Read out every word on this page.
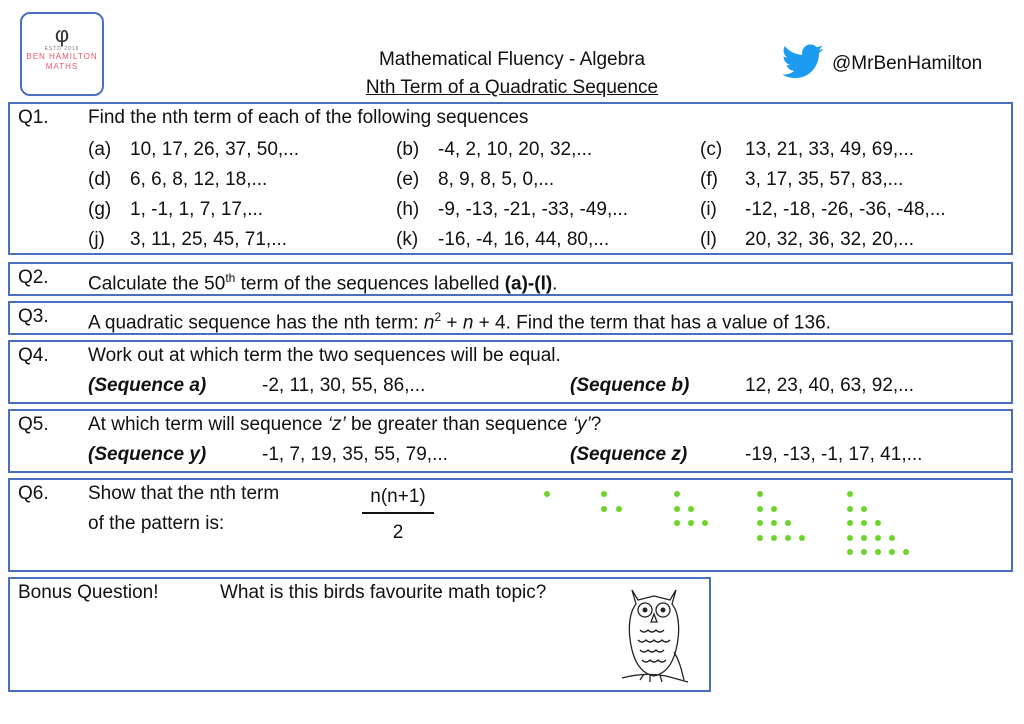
φ
ESTD 2016
BEN HAMILTON
MATHS	Mathematical Fluency - Algebra
Nth Term of a Quadratic Sequence
@MrBenHamilton
Q1. Find the nth term of each of the following sequences
(a) 10, 17, 26, 37, 50,...	(b) -4, 2, 10, 20, 32,...	(c) 13, 21, 33, 49, 69,...
(d) 6, 6, 8, 12, 18,...	(e) 8, 9, 8, 5, 0,...	(f) 3, 17, 35, 57, 83,...
(g) 1, -1, 1, 7, 17,...	(h) -9, -13, -21, -33, -49,...	(i) -12, -18, -26, -36, -48,...
(j) 3, 11, 25, 45, 71,...	(k) -16, -4, 16, 44, 80,...	(l) 20, 32, 36, 32, 20,...
Q2. Calculate the 50th term of the sequences labelled (a)-(l).
Q3. A quadratic sequence has the nth term: $n^2 + n + 4$. Find the term that has a value of 136.
Q4. Work out at which term the two sequences will be equal.
(Sequence a)	-2, 11, 30, 55, 86,...	(Sequence b)	12, 23, 40, 63, 92,...
Q5. At which term will sequence ‘z’ be greater than sequence ‘y’?
(Sequence y)	-1, 7, 19, 35, 55, 79,...	(Sequence z)	-19, -13, -1, 17, 41,...
Q6. Show that the nth term
of the pattern is:	$\frac{n(n+1)}{2}$
Bonus Question!	What is this birds favourite math topic?
